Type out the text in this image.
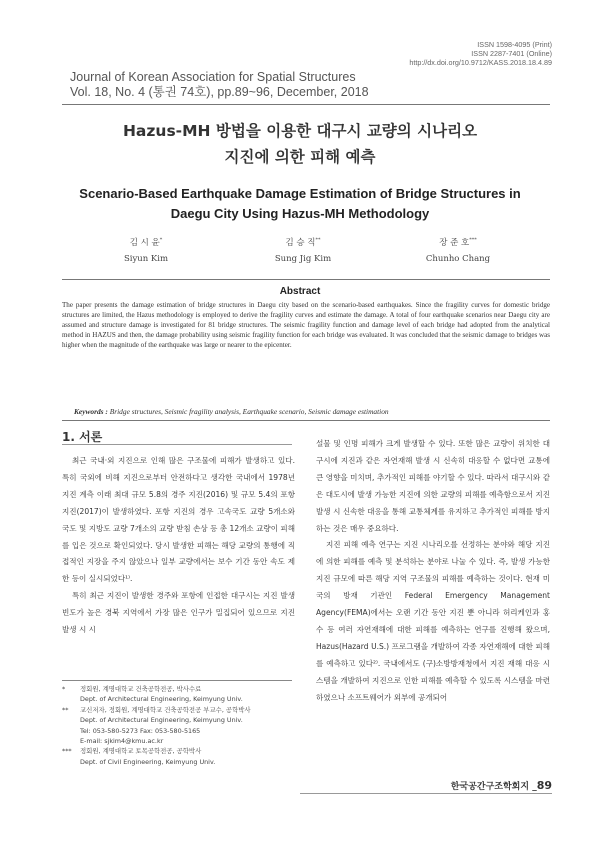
ISSN 1598-4095 (Print)
ISSN 2287-7401 (Online)
http://dx.doi.org/10.9712/KASS.2018.18.4.89
Journal of Korean Association for Spatial Structures
Vol. 18, No. 4 (통권 74호), pp.89~96, December, 2018
Hazus-MH 방법을 이용한 대구시 교량의 시나리오
지진에 의한 피해 예측
Scenario-Based Earthquake Damage Estimation of Bridge Structures in
Daegu City Using Hazus-MH Methodology
김 시 윤*
Siyun Kim
김 승 직**
Sung Jig Kim
장 준 호***
Chunho Chang
Abstract
The paper presents the damage estimation of bridge structures in Daegu city based on the scenario-based earthquakes. Since the fragility curves for domestic bridge structures are limited, the Hazus methodology is employed to derive the fragility curves and estimate the damage. A total of four earthquake scenarios near Daegu city are assumed and structure damage is investigated for 81 bridge structures. The seismic fragility function and damage level of each bridge had adopted from the analytical method in HAZUS and then, the damage probability using seismic fragility function for each bridge was evaluated. It was concluded that the seismic damage to bridges was higher when the magnitude of the earthquake was large or nearer to the epicenter.
Keywords : Bridge structures, Seismic fragility analysis, Earthquake scenario, Seismic damage estimation
1. 서론

최근 국내·외 지진으로 인해 많은 구조물에 피해가 발생하고 있다. 특히 국외에 비해 지진으로부터 안전하다고 생각한 국내에서 1978년 지진 계측 이래 최대 규모 5.8의 경주 지진(2016) 및 규모 5.4의 포항 지진(2017)이 발생하였다. 포항 지진의 경우 고속국도 교량 5개소와 국도 및 지방도 교량 7개소의 교량 받침 손상 등 총 12개소 교량이 피해를 입은 것으로 확인되었다. 당시 발생한 피해는 해당 교량의 통행에 직접적인 지장을 주지 않았으나 일부 교량에서는 보수 기간 동안 속도 제한 등이 실시되었다¹⁾.

특히 최근 지진이 발생한 경주와 포항에 인접한 대구시는 지진 발생 빈도가 높은 경북 지역에서 가장 많은 인구가 밀집되어 있으므로 지진 발생 시 시

설물 및 인명 피해가 크게 발생할 수 있다. 또한 많은 교량이 위치한 대구시에 지진과 같은 자연재해 발생 시 신속히 대응할 수 없다면 교통에 큰 영향을 미치며, 추가적인 피해를 야기할 수 있다. 따라서 대구시와 같은 대도시에 발생 가능한 지진에 의한 교량의 피해를 예측함으로서 지진 발생 시 신속한 대응을 통해 교통체계를 유지하고 추가적인 피해를 방지하는 것은 매우 중요하다.

지진 피해 예측 연구는 지진 시나리오를 선정하는 분야와 해당 지진에 의한 피해를 예측 및 분석하는 분야로 나눌 수 있다. 즉, 발생 가능한 지진 규모에 따른 해당 지역 구조물의 피해를 예측하는 것이다. 현재 미국의 방재 기관인 Federal Emergency Management Agency(FEMA)에서는 오랜 기간 동안 지진 뿐 아니라 허리케인과 홍수 등 여러 자연재해에 대한 피해를 예측하는 연구를 진행해 왔으며, Hazus(Hazard U.S.) 프로그램을 개발하여 각종 자연재해에 대한 피해를 예측하고 있다²⁾. 국내에서도 (구)소방방재청에서 지진 재해 대응 시스템을 개발하여 지진으로 인한 피해를 예측할 수 있도록 시스템을 마련하였으나 소프트웨어가 외부에 공개되어

*	정회원, 계명대학교 건축공학전공, 박사수료
Dept. of Architectural Engineering, Keimyung Univ.
**	교신저자, 정회원, 계명대학교 건축공학전공 부교수, 공학박사
Dept. of Architectural Engineering, Keimyung Univ.
Tel: 053-580-5273 Fax: 053-580-5165
E-mail: sjkim4@kmu.ac.kr
***	정회원, 계명대학교 토목공학전공, 공학박사
Dept. of Civil Engineering, Keimyung Univ.
한국공간구조학회지 _89
